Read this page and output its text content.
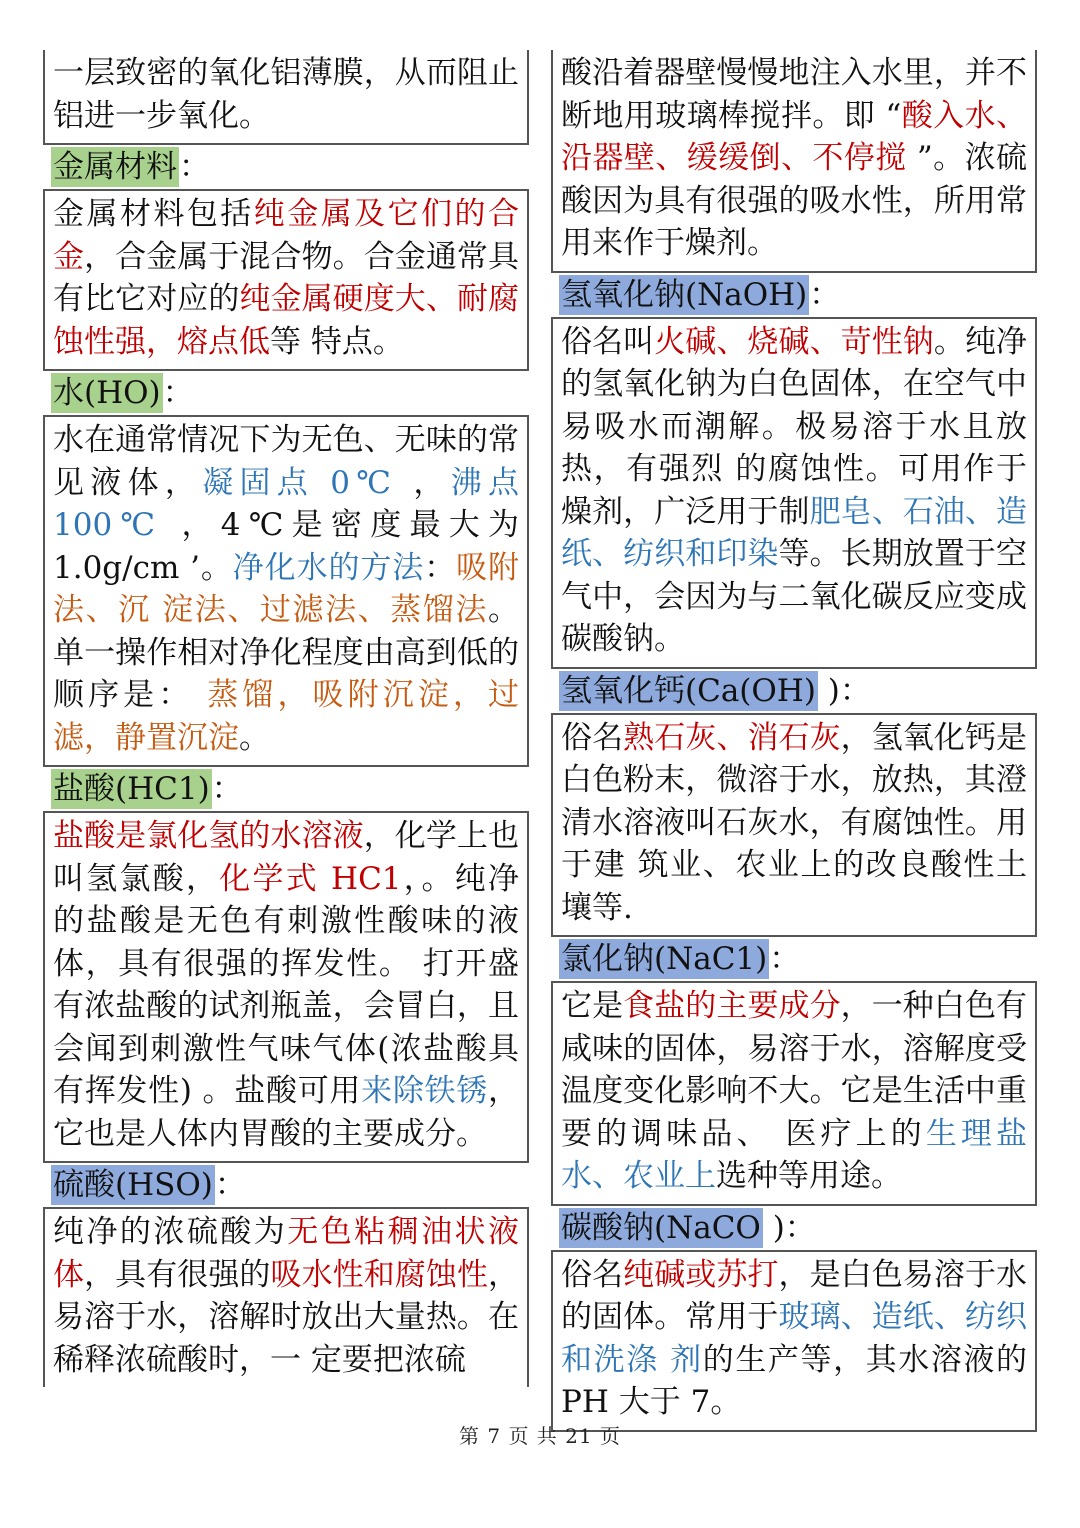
一层致密的氧化铝薄膜，从而阻止铝进一步氧化。
金属材料：
金属材料包括纯金属及它们的合金，合金属于混合物。合金通常具有比它对应的纯金属硬度大、耐腐蚀性强，熔点低等 特点。
水(HO)：
水在通常情况下为无色、无味的常见液体，凝固点 0℃ ，沸点 100℃ ，4℃是密度最大为 1.0g/cm ’。净化水的方法：吸附法、沉 淀法、过滤法、蒸馏法。单一操作相对净化程度由高到低的顺序是： 蒸馏，吸附沉淀，过滤，静置沉淀。
盐酸(HC1)：
盐酸是氯化氢的水溶液，化学上也叫氢氯酸，化学式 HC1，。纯净的盐酸是无色有刺激性酸味的液体，具有很强的挥发性。 打开盛有浓盐酸的试剂瓶盖，会冒白，且会闻到刺激性气味气体(浓盐酸具有挥发性) 。盐酸可用来除铁锈，它也是人体内胃酸的主要成分。
硫酸(HSO)：
纯净的浓硫酸为无色粘稠油状液体，具有很强的吸水性和腐蚀性，易溶于水，溶解时放出大量热。在稀释浓硫酸时，一 定要把浓硫
酸沿着器壁慢慢地注入水里，并不断地用玻璃棒搅拌。即 “酸入水、沿器壁、缓缓倒、不停搅 ”。浓硫酸因为具有很强的吸水性，所用常用来作于燥剂。
氢氧化钠(NaOH)：
俗名叫火碱、烧碱、苛性钠。纯净的氢氧化钠为白色固体，在空气中易吸水而潮解。极易溶于水且放热，有强烈 的腐蚀性。可用作于燥剂，广泛用于制肥皂、石油、造纸、纺织和印染等。长期放置于空气中，会因为与二氧化碳反应变成碳酸钠。
氢氧化钙(Ca(OH) )：
俗名熟石灰、消石灰，氢氧化钙是白色粉末，微溶于水，放热，其澄清水溶液叫石灰水，有腐蚀性。用于建 筑业、农业上的改良酸性土壤等.
氯化钠(NaC1)：
它是食盐的主要成分，一种白色有咸味的固体，易溶于水，溶解度受温度变化影响不大。它是生活中重要的调味品、 医疗上的生理盐水、农业上选种等用途。
碳酸钠(NaCO )：
俗名纯碱或苏打，是白色易溶于水的固体。常用于玻璃、造纸、纺织和洗涤 剂的生产等，其水溶液的 PH 大于 7。
第 7 页 共 21 页
